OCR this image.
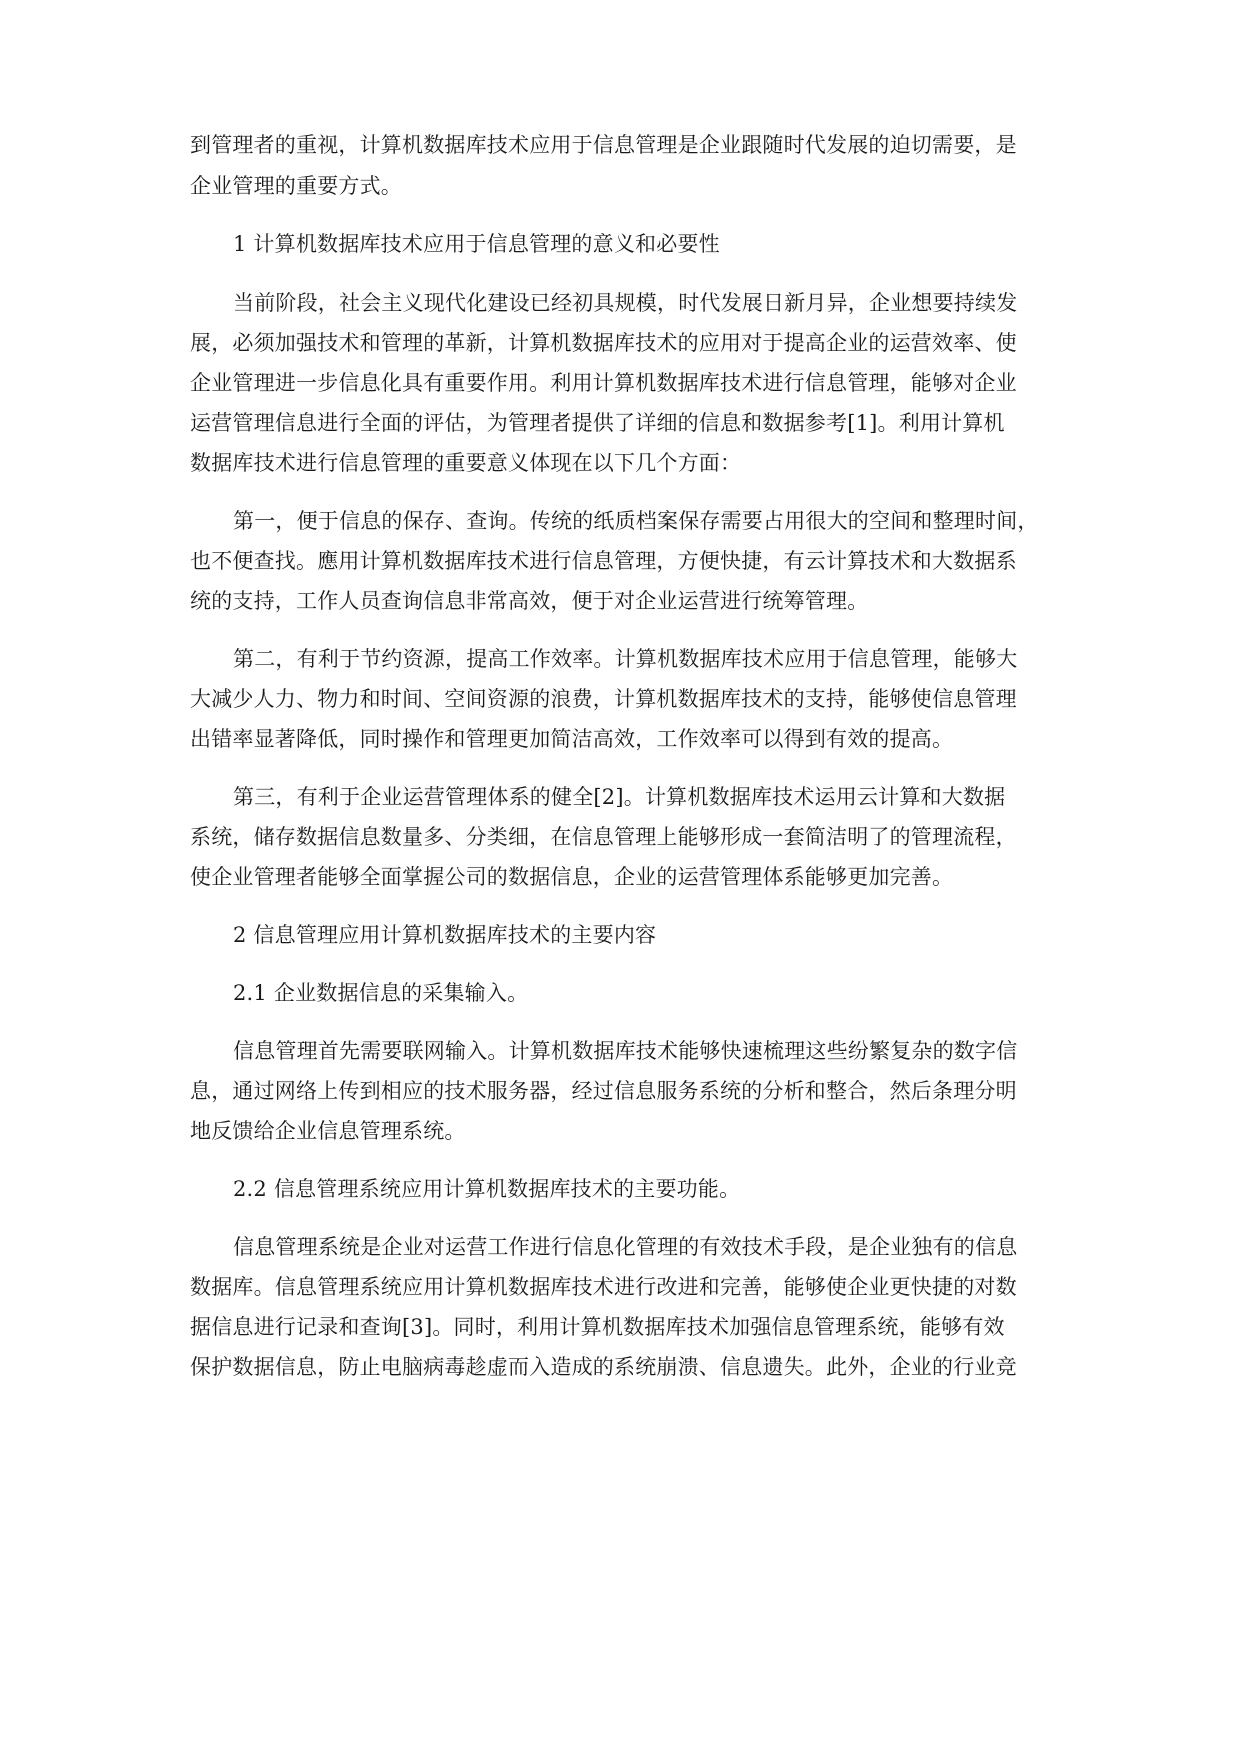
到管理者的重视，计算机数据库技术应用于信息管理是企业跟随时代发展的迫切需要，是

企业管理的重要方式。

1 计算机数据库技术应用于信息管理的意义和必要性

当前阶段，社会主义现代化建设已经初具规模，时代发展日新月异，企业想要持续发

展，必须加强技术和管理的革新，计算机数据库技术的应用对于提高企业的运营效率、使

企业管理进一步信息化具有重要作用。利用计算机数据库技术进行信息管理，能够对企业

运营管理信息进行全面的评估，为管理者提供了详细的信息和数据参考[1]。利用计算机

数据库技术进行信息管理的重要意义体现在以下几个方面：

第一，便于信息的保存、查询。传统的纸质档案保存需要占用很大的空间和整理时间，

也不便查找。應用计算机数据库技术进行信息管理，方便快捷，有云计算技术和大数据系

统的支持，工作人员查询信息非常高效，便于对企业运营进行统筹管理。

第二，有利于节约资源，提高工作效率。计算机数据库技术应用于信息管理，能够大

大减少人力、物力和时间、空间资源的浪费，计算机数据库技术的支持，能够使信息管理

出错率显著降低，同时操作和管理更加简洁高效，工作效率可以得到有效的提高。

第三，有利于企业运营管理体系的健全[2]。计算机数据库技术运用云计算和大数据

系统，储存数据信息数量多、分类细，在信息管理上能够形成一套简洁明了的管理流程，

使企业管理者能够全面掌握公司的数据信息，企业的运营管理体系能够更加完善。

2 信息管理应用计算机数据库技术的主要内容

2.1 企业数据信息的采集输入。

信息管理首先需要联网输入。计算机数据库技术能够快速梳理这些纷繁复杂的数字信

息，通过网络上传到相应的技术服务器，经过信息服务系统的分析和整合，然后条理分明

地反馈给企业信息管理系统。

2.2 信息管理系统应用计算机数据库技术的主要功能。

信息管理系统是企业对运营工作进行信息化管理的有效技术手段，是企业独有的信息

数据库。信息管理系统应用计算机数据库技术进行改进和完善，能够使企业更快捷的对数

据信息进行记录和查询[3]。同时，利用计算机数据库技术加强信息管理系统，能够有效

保护数据信息，防止电脑病毒趁虚而入造成的系统崩溃、信息遗失。此外，企业的行业竞
